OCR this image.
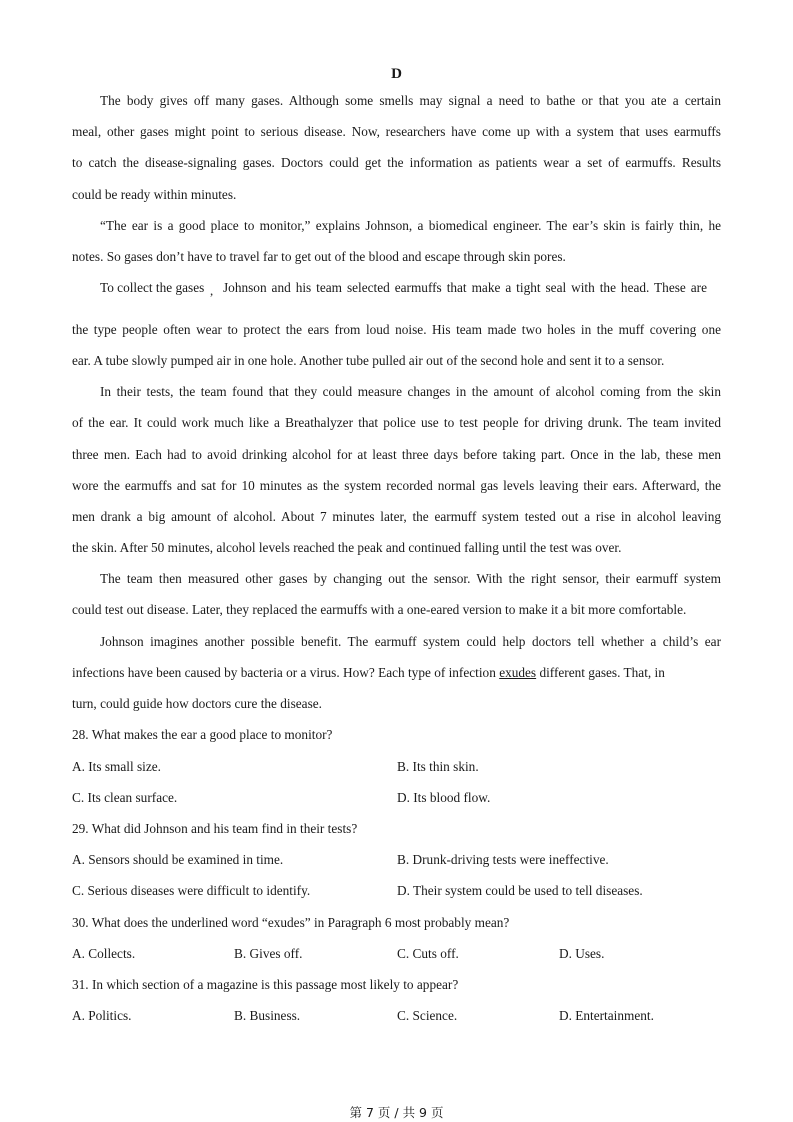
D
The body gives off many gases. Although some smells may signal a need to bathe or that you ate a certain
meal, other gases might point to serious disease. Now, researchers have come up with a system that uses earmuffs
to catch the disease-signaling gases. Doctors could get the information as patients wear a set of earmuffs. Results
could be ready within minutes.
“The ear is a good place to monitor,” explains Johnson, a biomedical engineer. The ear’s skin is fairly thin, he
notes. So gases don’t have to travel far to get out of the blood and escape through skin pores.
To collect the gases , Johnson and his team selected earmuffs that make a tight seal with the head. These are
the type people often wear to protect the ears from loud noise. His team made two holes in the muff covering one
ear. A tube slowly pumped air in one hole. Another tube pulled air out of the second hole and sent it to a sensor.
In their tests, the team found that they could measure changes in the amount of alcohol coming from the skin
of the ear. It could work much like a Breathalyzer that police use to test people for driving drunk. The team invited
three men. Each had to avoid drinking alcohol for at least three days before taking part. Once in the lab, these men
wore the earmuffs and sat for 10 minutes as the system recorded normal gas levels leaving their ears. Afterward, the
men drank a big amount of alcohol. About 7 minutes later, the earmuff system tested out a rise in alcohol leaving
the skin. After 50 minutes, alcohol levels reached the peak and continued falling until the test was over.
The team then measured other gases by changing out the sensor. With the right sensor, their earmuff system
could test out disease. Later, they replaced the earmuffs with a one-eared version to make it a bit more comfortable.
Johnson imagines another possible benefit. The earmuff system could help doctors tell whether a child’s ear
infections have been caused by bacteria or a virus. How? Each type of infection exudes different gases. That, in
turn, could guide how doctors cure the disease.
28. What makes the ear a good place to monitor?
A. Its small size.	B. Its thin skin.
C. Its clean surface.	D. Its blood flow.
29. What did Johnson and his team find in their tests?
A. Sensors should be examined in time.	B. Drunk-driving tests were ineffective.
C. Serious diseases were difficult to identify.	D. Their system could be used to tell diseases.
30. What does the underlined word “exudes” in Paragraph 6 most probably mean?
A. Collects.	B. Gives off.	C. Cuts off.	D. Uses.
31. In which section of a magazine is this passage most likely to appear?
A. Politics.	B. Business.	C. Science.	D. Entertainment.
第 7 页 / 共 9 页
